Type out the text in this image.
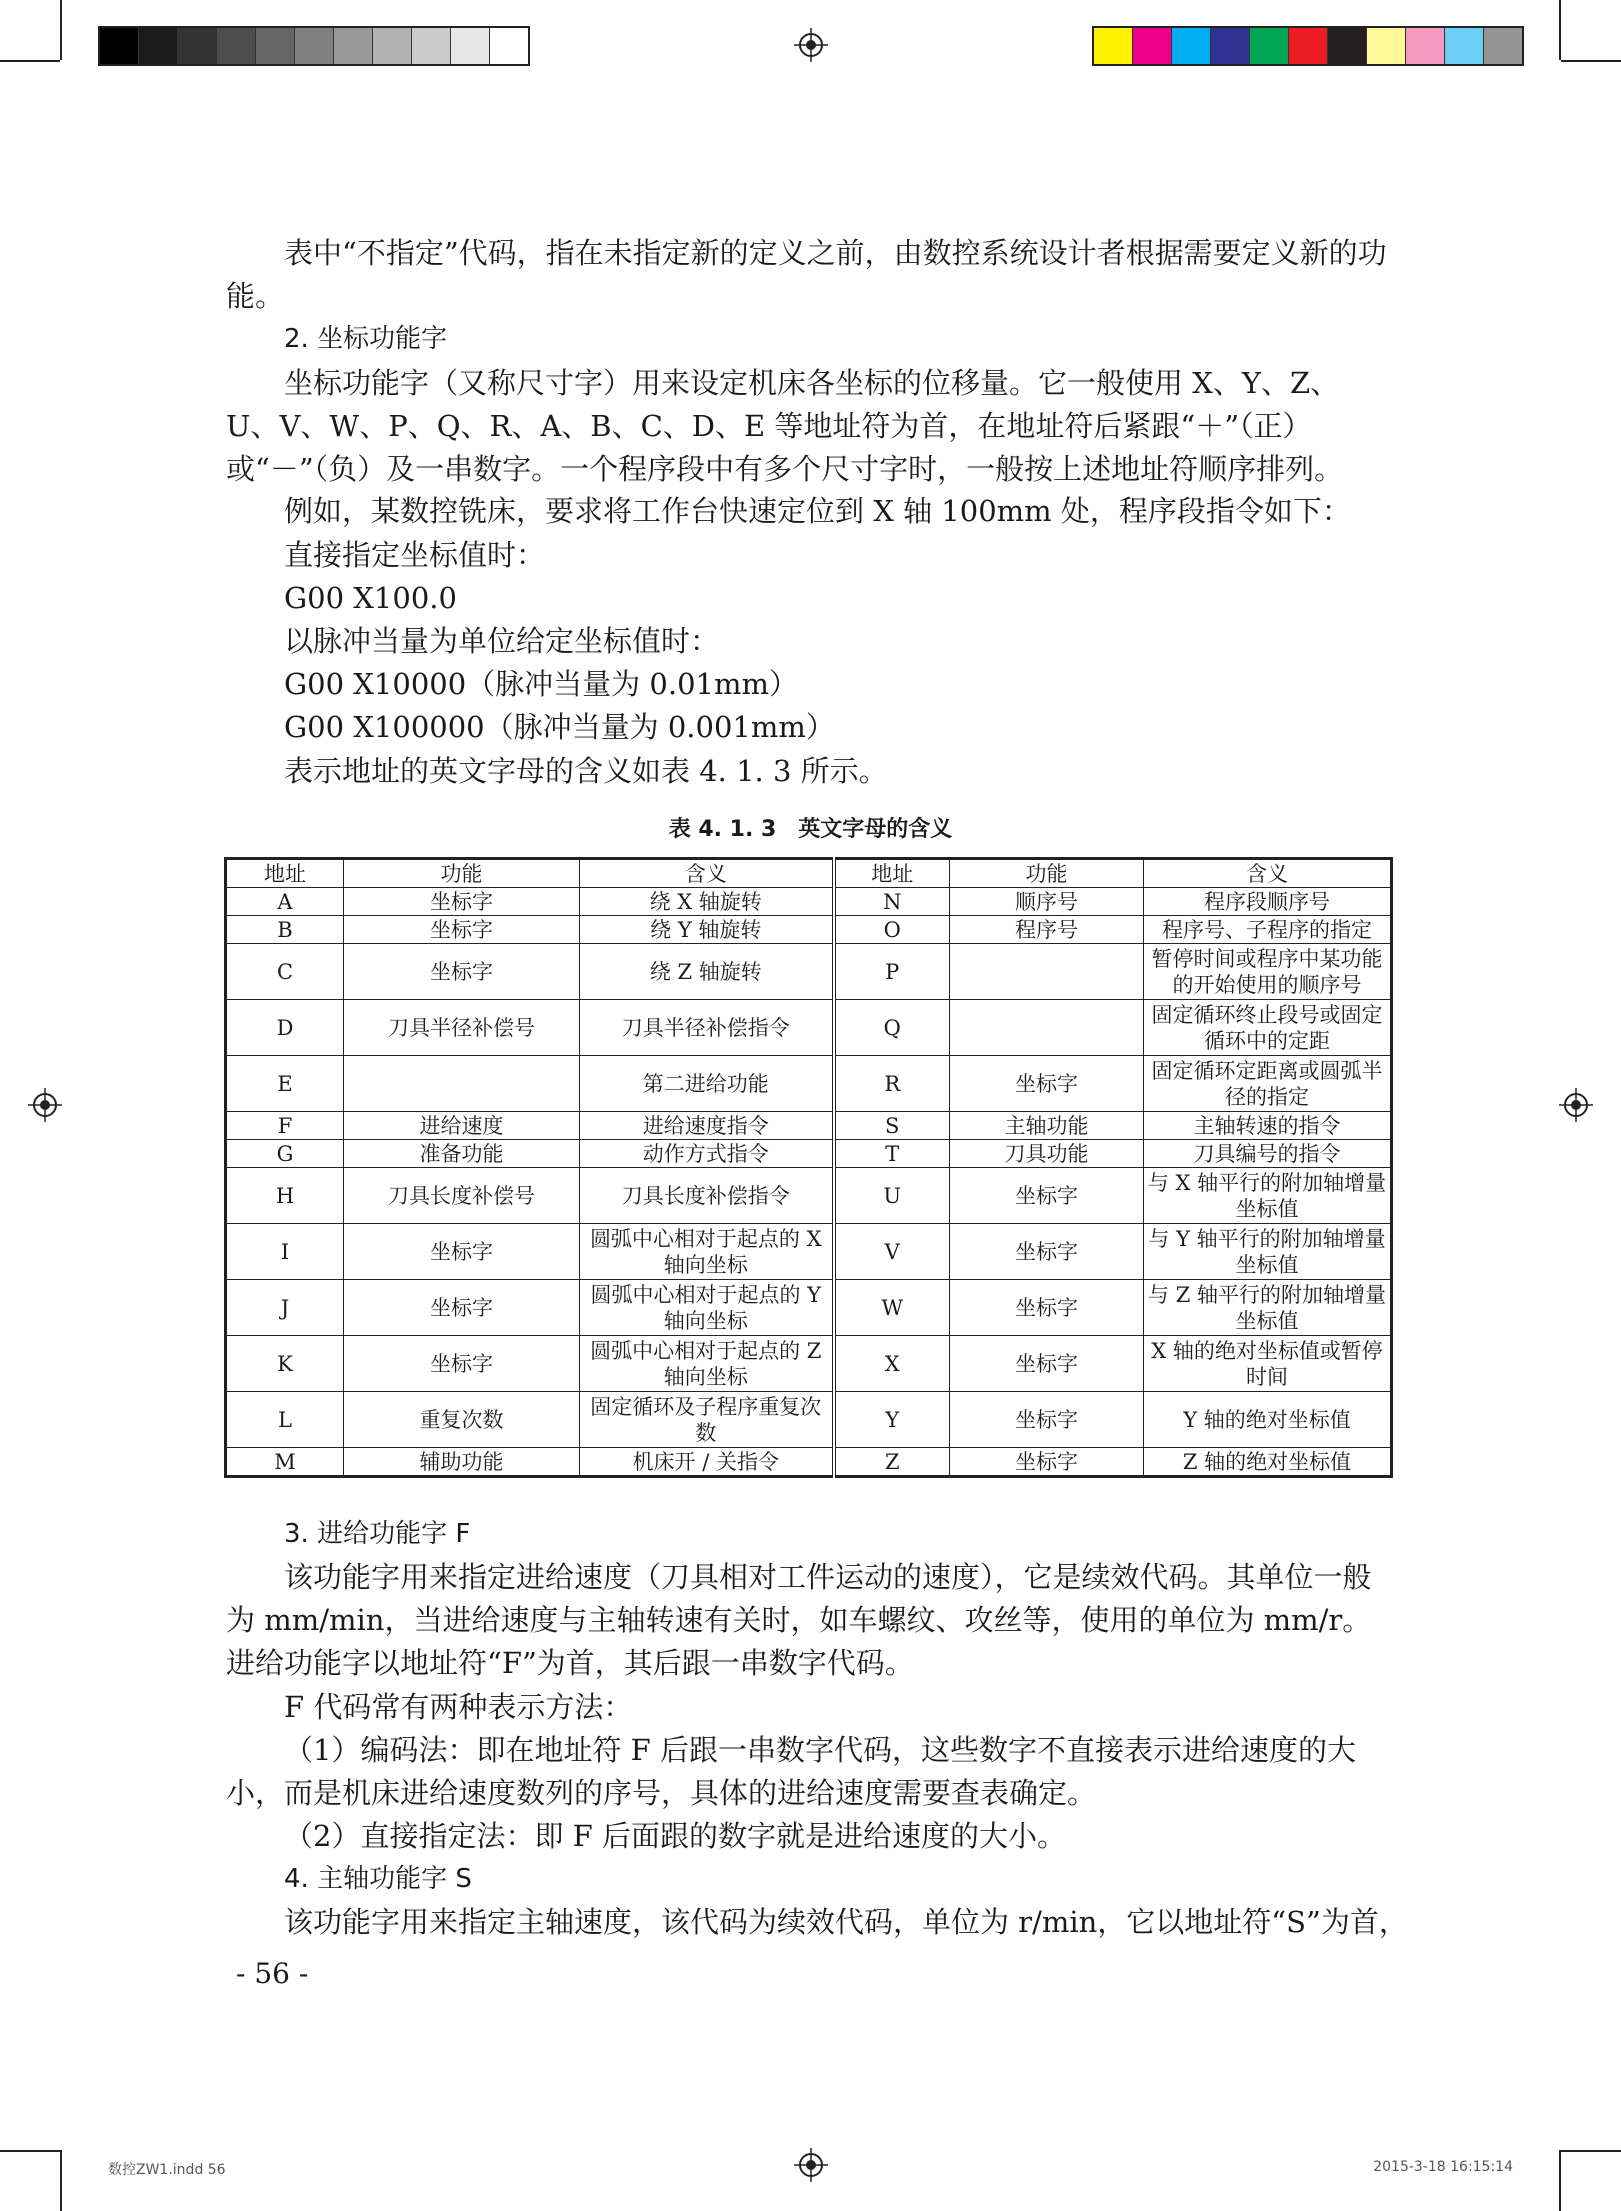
表中“不指定”代码，指在未指定新的定义之前，由数控系统设计者根据需要定义新的功能。

2. 坐标功能字

坐标功能字（又称尺寸字）用来设定机床各坐标的位移量。它一般使用 X、Y、Z、U、V、W、P、Q、R、A、B、C、D、E 等地址符为首，在地址符后紧跟“＋”（正）或“－”（负）及一串数字。一个程序段中有多个尺寸字时，一般按上述地址符顺序排列。

例如，某数控铣床，要求将工作台快速定位到 X 轴 100mm 处，程序段指令如下：

直接指定坐标值时：

G00 X100.0

以脉冲当量为单位给定坐标值时：

G00 X10000（脉冲当量为 0.01mm）

G00 X100000（脉冲当量为 0.001mm）

表示地址的英文字母的含义如表 4. 1. 3 所示。

表 4. 1. 3　英文字母的含义
地址	功能	含义	地址	功能	含义
A	坐标字	绕 X 轴旋转	N	顺序号	程序段顺序号
B	坐标字	绕 Y 轴旋转	O	程序号	程序号、子程序的指定
C	坐标字	绕 Z 轴旋转	P		暂停时间或程序中某功能的开始使用的顺序号
D	刀具半径补偿号	刀具半径补偿指令	Q		固定循环终止段号或固定循环中的定距
E		第二进给功能	R	坐标字	固定循环定距离或圆弧半径的指定
F	进给速度	进给速度指令	S	主轴功能	主轴转速的指令
G	准备功能	动作方式指令	T	刀具功能	刀具编号的指令
H	刀具长度补偿号	刀具长度补偿指令	U	坐标字	与 X 轴平行的附加轴增量坐标值
I	坐标字	圆弧中心相对于起点的 X 轴向坐标	V	坐标字	与 Y 轴平行的附加轴增量坐标值
J	坐标字	圆弧中心相对于起点的 Y 轴向坐标	W	坐标字	与 Z 轴平行的附加轴增量坐标值
K	坐标字	圆弧中心相对于起点的 Z 轴向坐标	X	坐标字	X 轴的绝对坐标值或暂停时间
L	重复次数	固定循环及子程序重复次数	Y	坐标字	Y 轴的绝对坐标值
M	辅助功能	机床开 / 关指令	Z	坐标字	Z 轴的绝对坐标值

3. 进给功能字 F

该功能字用来指定进给速度（刀具相对工件运动的速度），它是续效代码。其单位一般为 mm/min，当进给速度与主轴转速有关时，如车螺纹、攻丝等，使用的单位为 mm/r。进给功能字以地址符“F”为首，其后跟一串数字代码。

F 代码常有两种表示方法：

（1）编码法：即在地址符 F 后跟一串数字代码，这些数字不直接表示进给速度的大小，而是机床进给速度数列的序号，具体的进给速度需要查表确定。

（2）直接指定法：即 F 后面跟的数字就是进给速度的大小。

4. 主轴功能字 S

该功能字用来指定主轴速度，该代码为续效代码，单位为 r/min，它以地址符“S”为首，

- 56 -
数控ZW1.indd 56	2015-3-18 16:15:14
